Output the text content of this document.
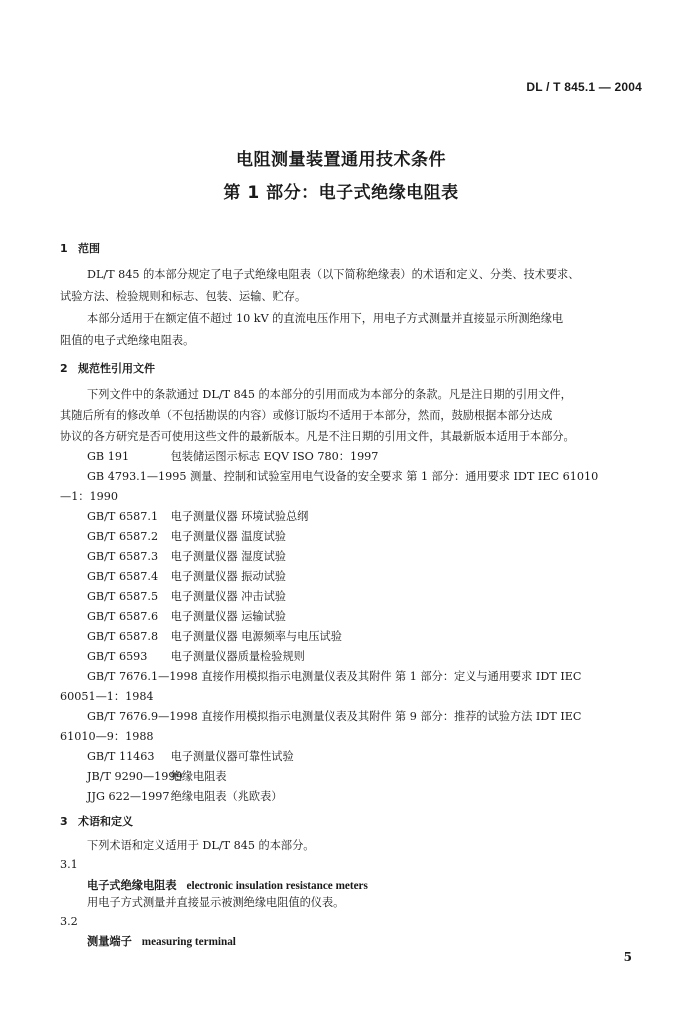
DL / T 845.1 — 2004
电阻测量装置通用技术条件
第 1 部分：电子式绝缘电阻表
1 范围
DL/T 845 的本部分规定了电子式绝缘电阻表（以下简称绝缘表）的术语和定义、分类、技术要求、
试验方法、检验规则和标志、包装、运输、贮存。
本部分适用于在额定值不超过 10 kV 的直流电压作用下，用电子方式测量并直接显示所测绝缘电
阻值的电子式绝缘电阻表。
2 规范性引用文件
下列文件中的条款通过 DL/T 845 的本部分的引用而成为本部分的条款。凡是注日期的引用文件，
其随后所有的修改单（不包括勘误的内容）或修订版均不适用于本部分，然而，鼓励根据本部分达成
协议的各方研究是否可使用这些文件的最新版本。凡是不注日期的引用文件，其最新版本适用于本部分。
GB 191	包装储运图示标志 EQV ISO 780：1997
GB 4793.1—1995 测量、控制和试验室用电气设备的安全要求 第 1 部分：通用要求 IDT IEC 61010
—1：1990
GB/T 6587.1 电子测量仪器 环境试验总纲
GB/T 6587.2 电子测量仪器 温度试验
GB/T 6587.3 电子测量仪器 湿度试验
GB/T 6587.4 电子测量仪器 振动试验
GB/T 6587.5 电子测量仪器 冲击试验
GB/T 6587.6 电子测量仪器 运输试验
GB/T 6587.8 电子测量仪器 电源频率与电压试验
GB/T 6593 电子测量仪器质量检验规则
GB/T 7676.1—1998 直接作用模拟指示电测量仪表及其附件 第 1 部分：定义与通用要求 IDT IEC
60051—1：1984
GB/T 7676.9—1998 直接作用模拟指示电测量仪表及其附件 第 9 部分：推荐的试验方法 IDT IEC
61010—9：1988
GB/T 11463 电子测量仪器可靠性试验
JB/T 9290—1999 绝缘电阻表
JJG 622—1997 绝缘电阻表（兆欧表）
3 术语和定义
下列术语和定义适用于 DL/T 845 的本部分。
3.1
电子式绝缘电阻表 electronic insulation resistance meters
用电子方式测量并直接显示被测绝缘电阻值的仪表。
3.2
测量端子 measuring terminal
5
